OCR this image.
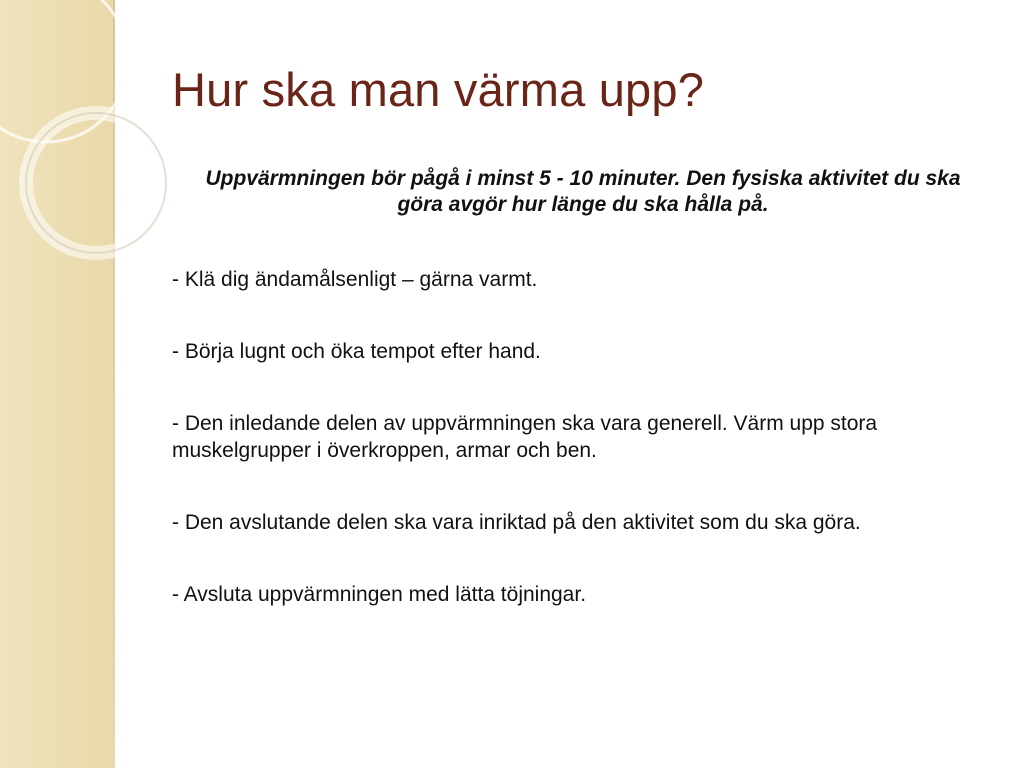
Hur ska man värma upp?

Uppvärmningen bör pågå i minst 5 - 10 minuter. Den fysiska aktivitet du ska göra avgör hur länge du ska hålla på.

- Klä dig ändamålsenligt – gärna varmt.
- Börja lugnt och öka tempot efter hand.
- Den inledande delen av uppvärmningen ska vara generell. Värm upp stora muskelgrupper i överkroppen, armar och ben.
- Den avslutande delen ska vara inriktad på den aktivitet som du ska göra.
- Avsluta uppvärmningen med lätta töjningar.
